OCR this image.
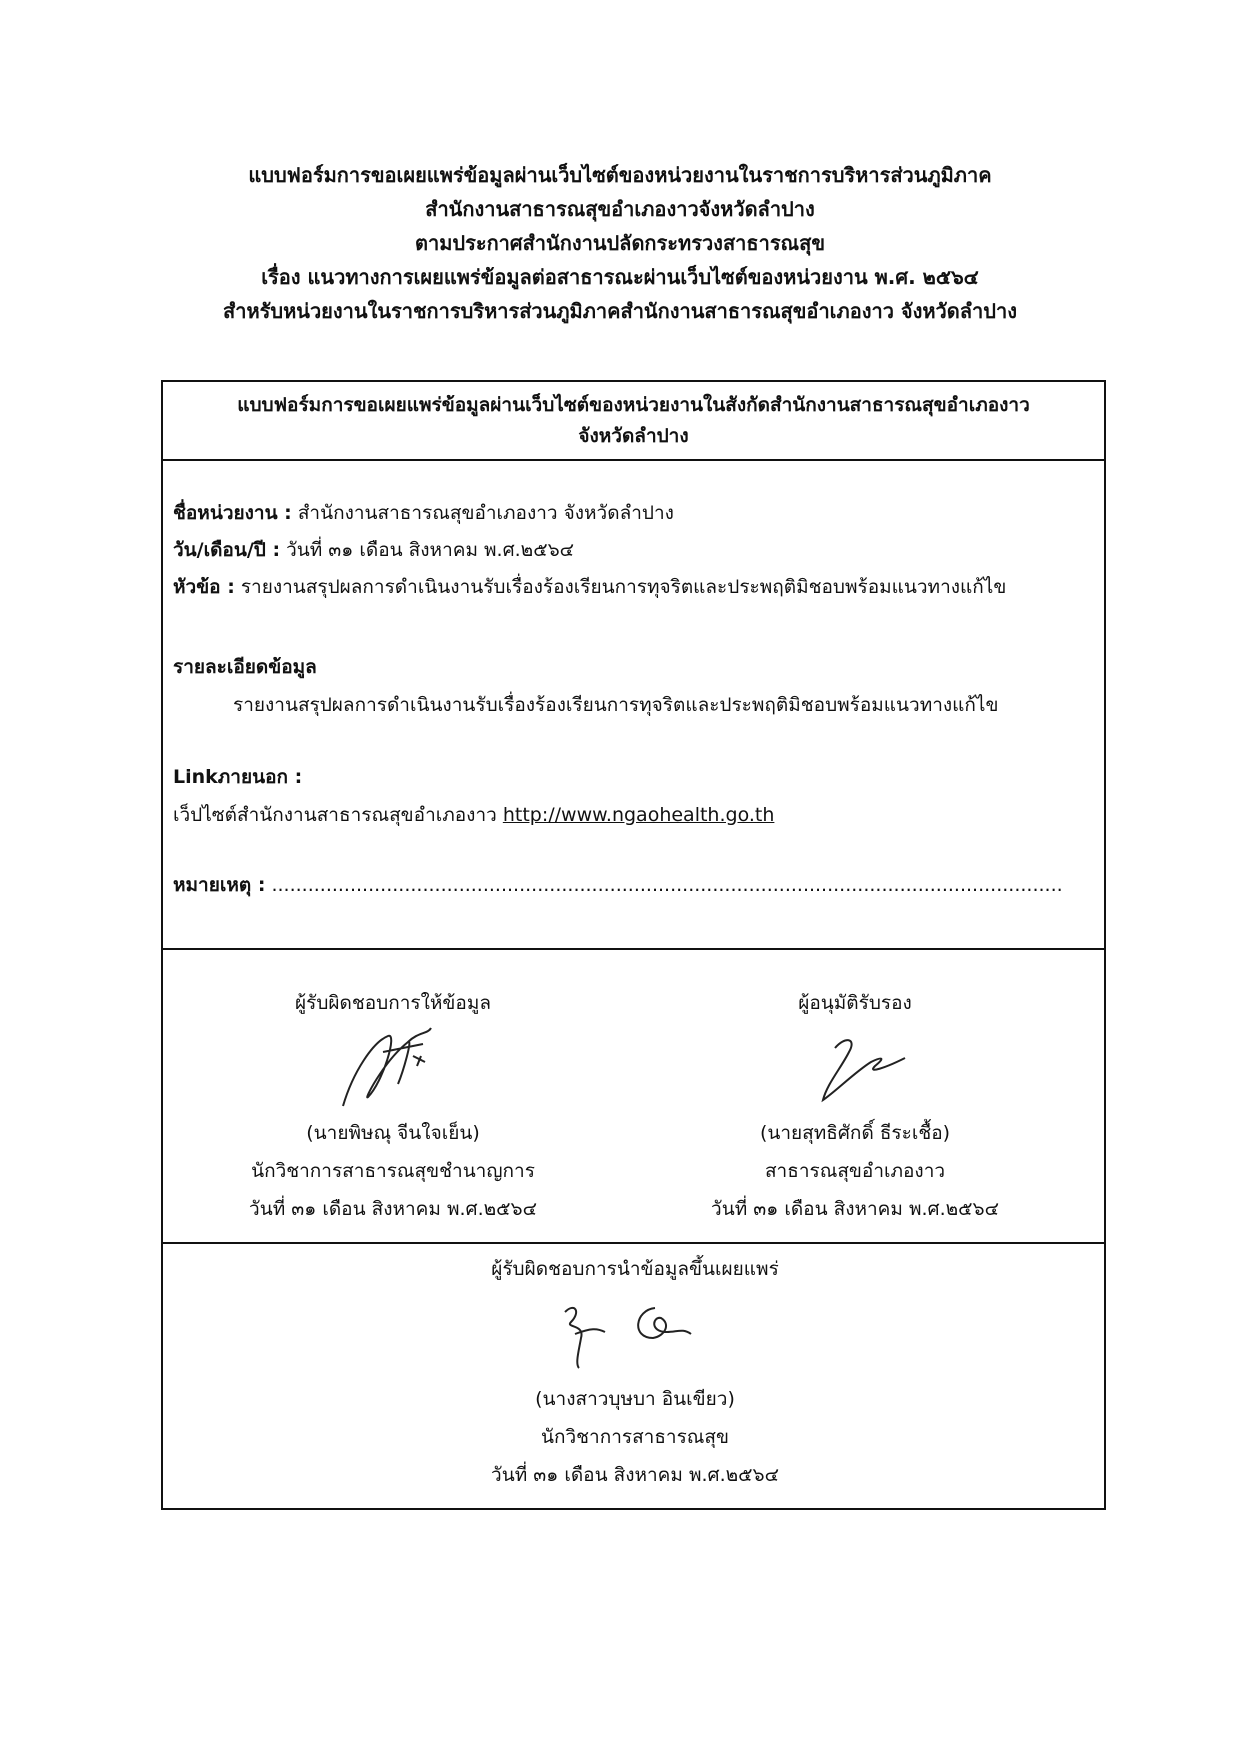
แบบฟอร์มการขอเผยแพร่ข้อมูลผ่านเว็บไซต์ของหน่วยงานในราชการบริหารส่วนภูมิภาค
สำนักงานสาธารณสุขอำเภองาวจังหวัดลำปาง
ตามประกาศสำนักงานปลัดกระทรวงสาธารณสุข
เรื่อง แนวทางการเผยแพร่ข้อมูลต่อสาธารณะผ่านเว็บไซต์ของหน่วยงาน พ.ศ. ๒๕๖๔
สำหรับหน่วยงานในราชการบริหารส่วนภูมิภาคสำนักงานสาธารณสุขอำเภองาว จังหวัดลำปาง
แบบฟอร์มการขอเผยแพร่ข้อมูลผ่านเว็บไซต์ของหน่วยงานในสังกัดสำนักงานสาธารณสุขอำเภองาว
จังหวัดลำปาง
ชื่อหน่วยงาน : สำนักงานสาธารณสุขอำเภองาว จังหวัดลำปาง
วัน/เดือน/ปี : วันที่ ๓๑ เดือน สิงหาคม พ.ศ.๒๕๖๔
หัวข้อ : รายงานสรุปผลการดำเนินงานรับเรื่องร้องเรียนการทุจริตและประพฤติมิชอบพร้อมแนวทางแก้ไข
รายละเอียดข้อมูล
รายงานสรุปผลการดำเนินงานรับเรื่องร้องเรียนการทุจริตและประพฤติมิชอบพร้อมแนวทางแก้ไข
Linkภายนอก :
เว็ปไซต์สำนักงานสาธารณสุขอำเภองาว http://www.ngaohealth.go.th
หมายเหตุ : ...................................................................................................................................
ผู้รับผิดชอบการให้ข้อมูล
(นายพิษณุ จีนใจเย็น)
นักวิชาการสาธารณสุขชำนาญการ
วันที่ ๓๑ เดือน สิงหาคม พ.ศ.๒๕๖๔
ผู้อนุมัติรับรอง
(นายสุทธิศักดิ์ ธีระเชื้อ)
สาธารณสุขอำเภองาว
วันที่ ๓๑ เดือน สิงหาคม พ.ศ.๒๕๖๔
ผู้รับผิดชอบการนำข้อมูลขึ้นเผยแพร่
(นางสาวบุษบา อินเขียว)
นักวิชาการสาธารณสุข
วันที่ ๓๑ เดือน สิงหาคม พ.ศ.๒๕๖๔
